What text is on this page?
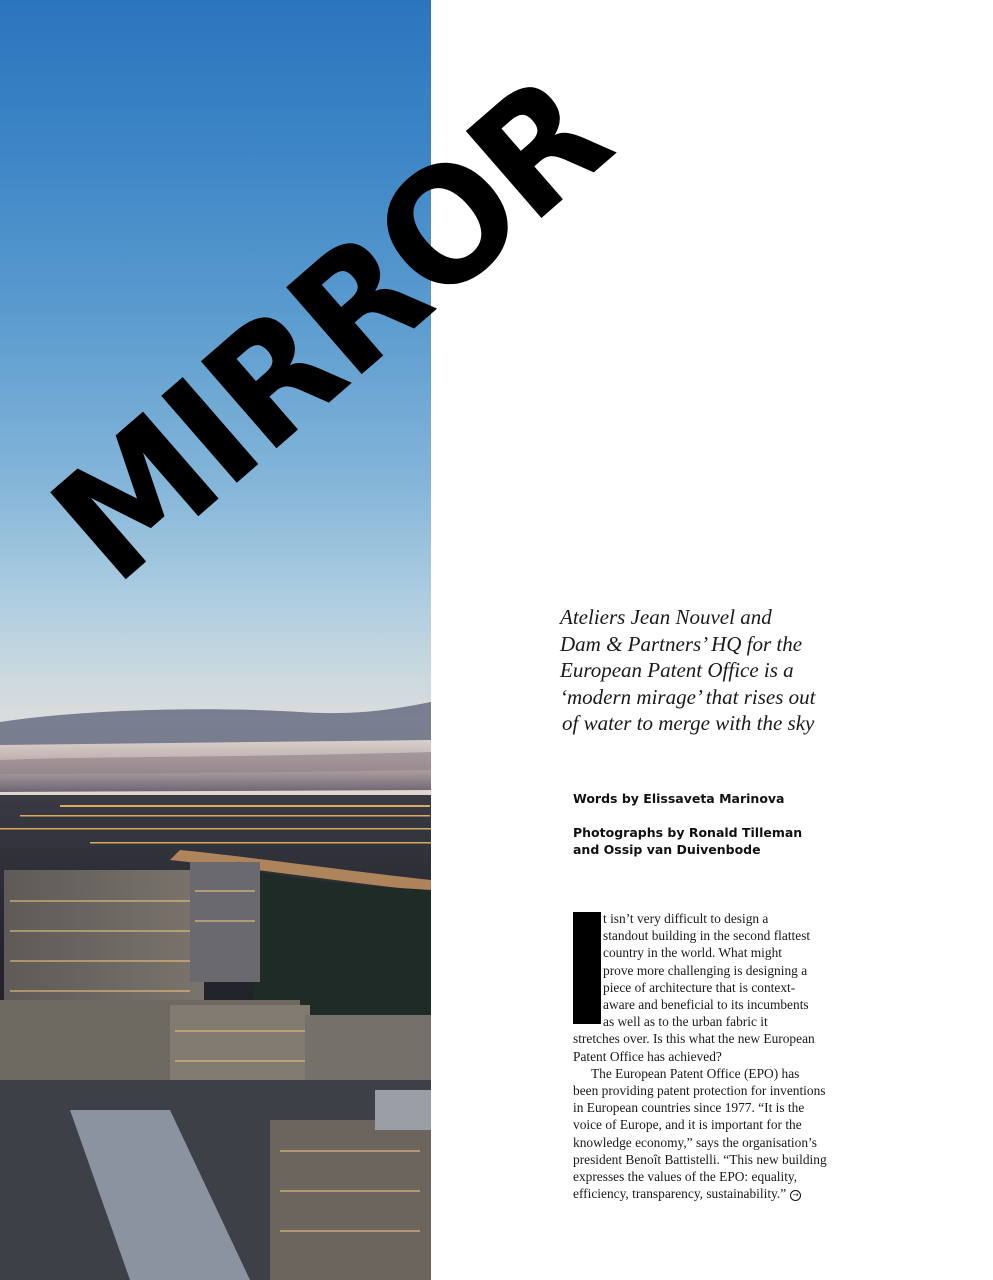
MIRROR
Ateliers Jean Nouvel and
Dam & Partners’ HQ for the
European Patent Office is a
‘modern mirage’ that rises out
of water to merge with the sky
Words by Elissaveta Marinova
Photographs by Ronald Tilleman
and Ossip van Duivenbode
t isn’t very difficult to design a
standout building in the second flattest
country in the world. What might
prove more challenging is designing a
piece of architecture that is context-
aware and beneficial to its incumbents
as well as to the urban fabric it
stretches over. Is this what the new European
Patent Office has achieved?
The European Patent Office (EPO) has
been providing patent protection for inventions
in European countries since 1977. “It is the
voice of Europe, and it is important for the
knowledge economy,” says the organisation’s
president Benoît Battistelli. “This new building
expresses the values of the EPO: equality,
efficiency, transparency, sustainability.” →
